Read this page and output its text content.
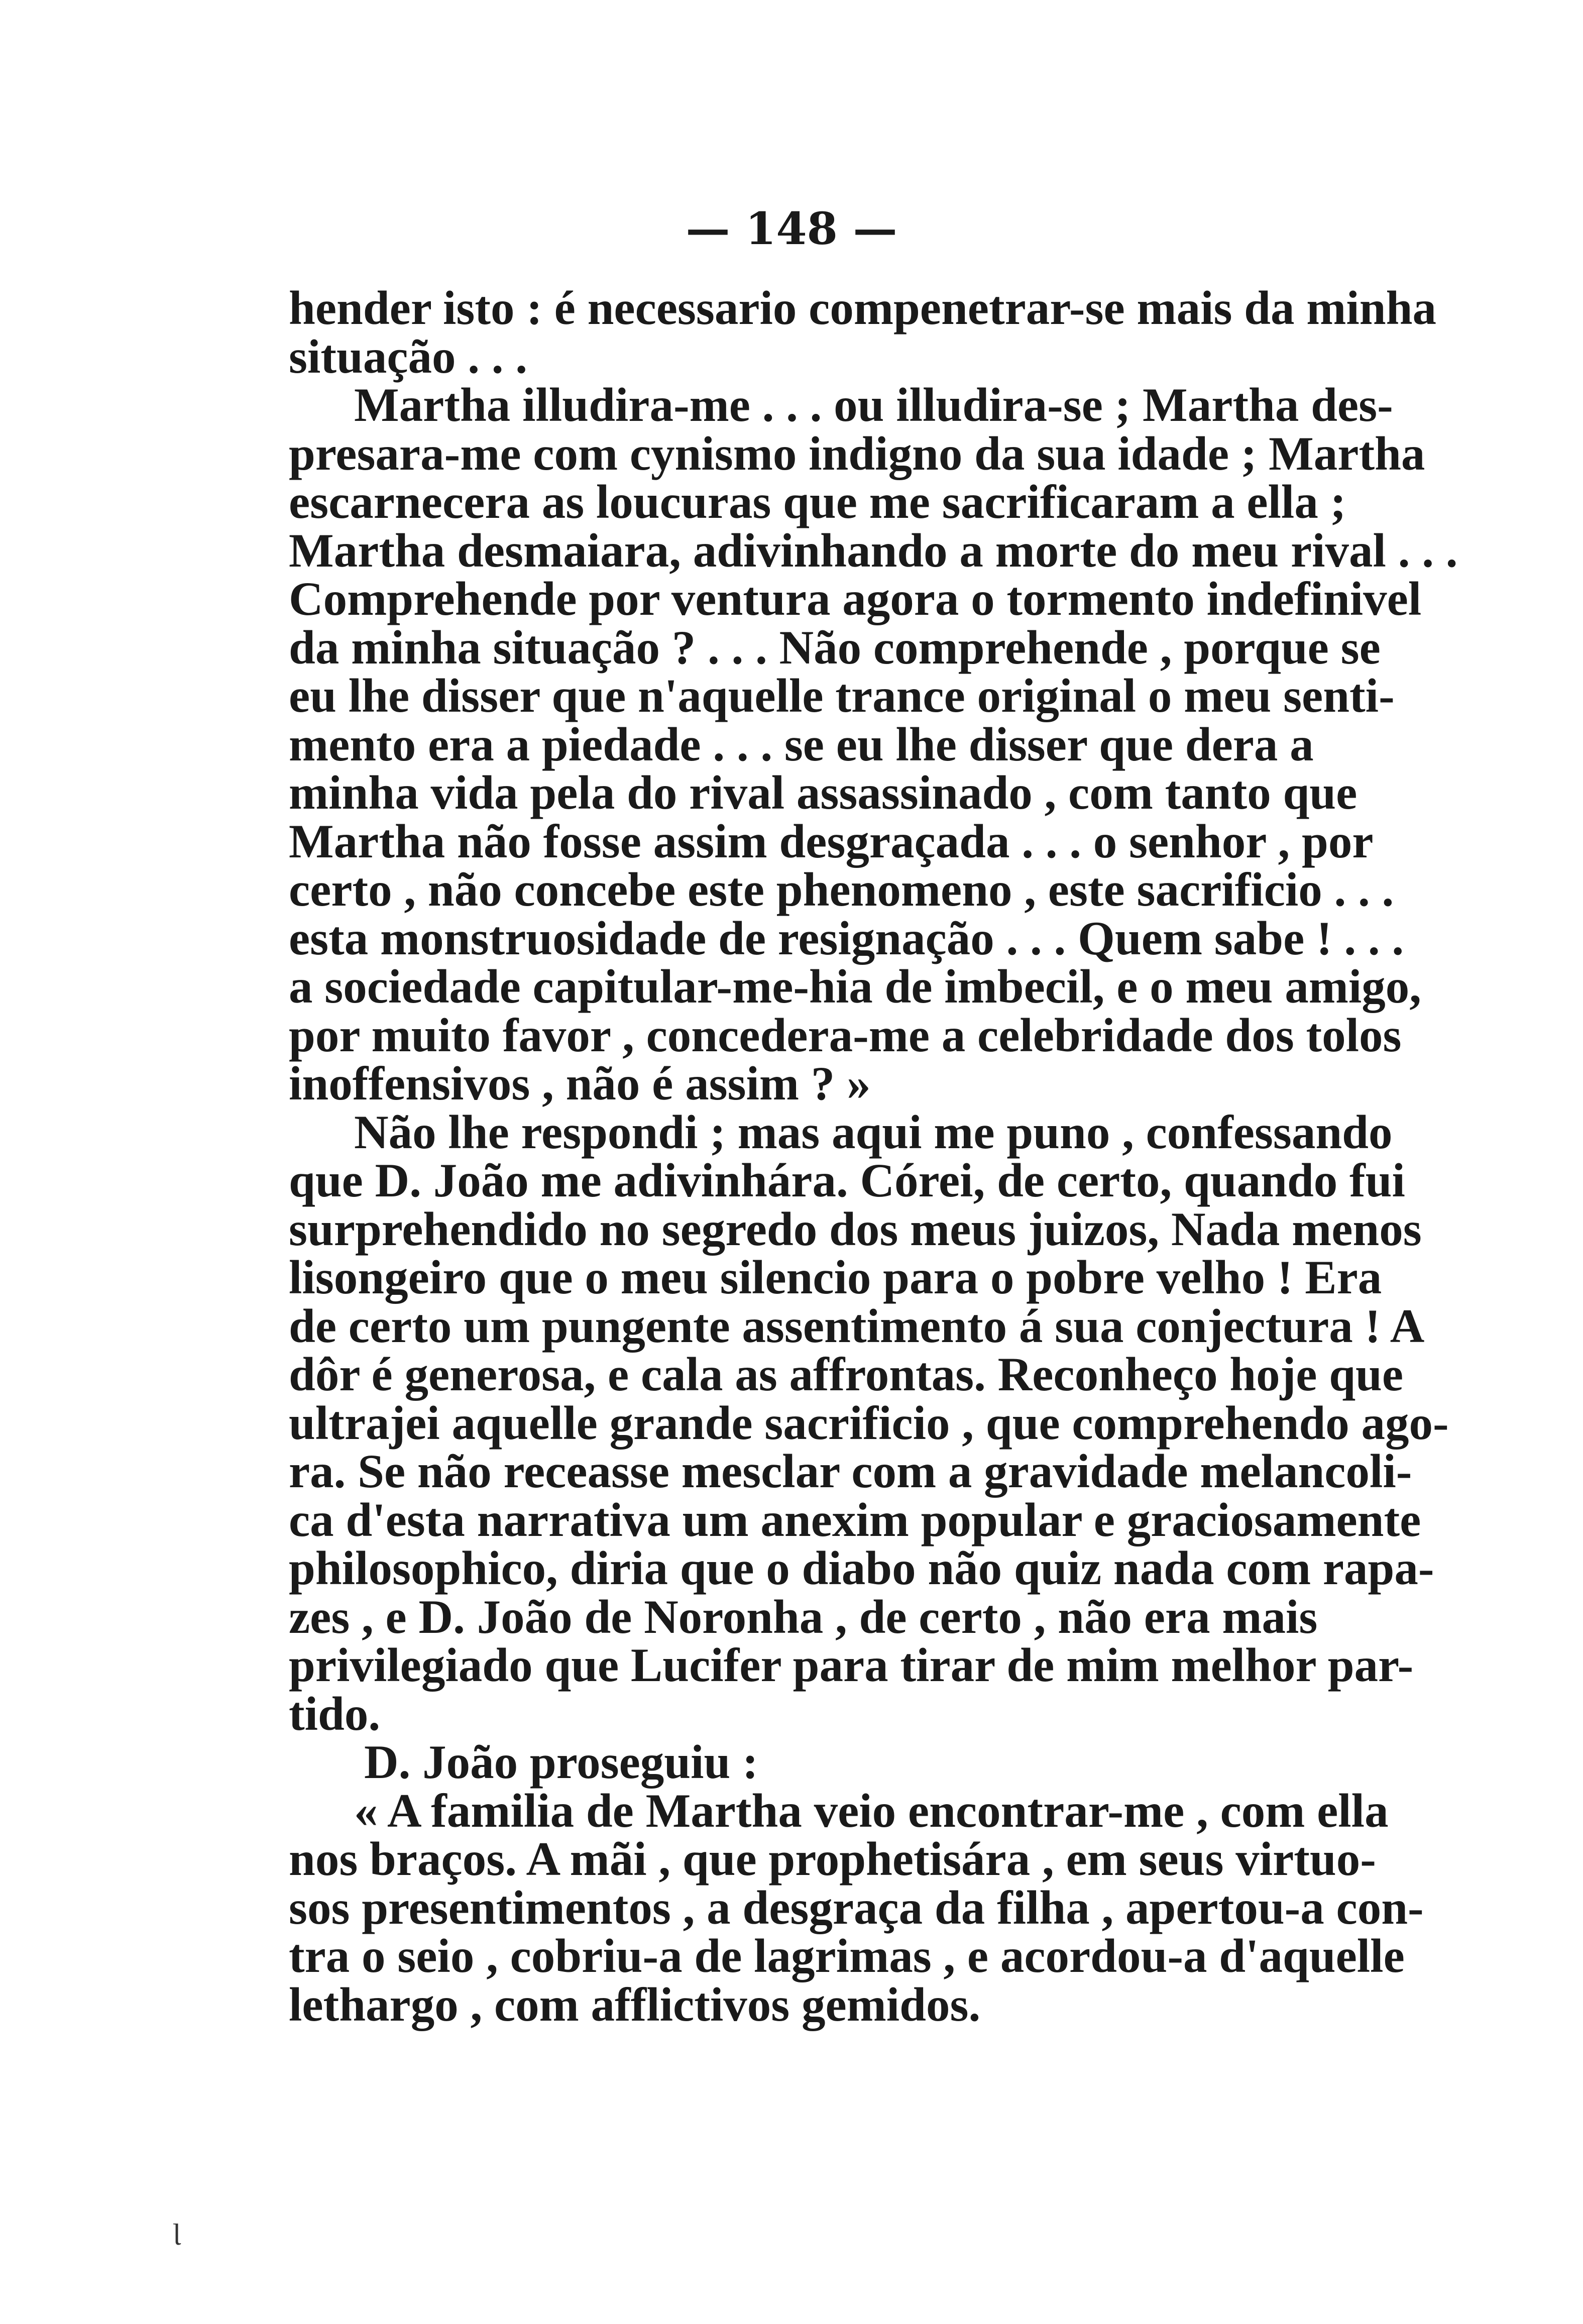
— 148 —
hender isto : é necessario compenetrar-se mais da minha
situação . . .
Martha illudira-me . . . ou illudira-se ; Martha des-
presara-me com cynismo indigno da sua idade ; Martha
escarnecera as loucuras que me sacrificaram a ella ;
Martha desmaiara, adivinhando a morte do meu rival . . .
Comprehende por ventura agora o tormento indefinivel
da minha situação ? . . . Não comprehende , porque se
eu lhe disser que n'aquelle trance original o meu senti-
mento era a piedade . . . se eu lhe disser que dera a
minha vida pela do rival assassinado , com tanto que
Martha não fosse assim desgraçada . . . o senhor , por
certo , não concebe este phenomeno , este sacrificio . . .
esta monstruosidade de resignação . . . Quem sabe ! . . .
a sociedade capitular-me-hia de imbecil, e o meu amigo,
por muito favor , concedera-me a celebridade dos tolos
inoffensivos , não é assim ? »
Não lhe respondi ; mas aqui me puno , confessando
que D. João me adivinhára. Córei, de certo, quando fui
surprehendido no segredo dos meus juizos, Nada menos
lisongeiro que o meu silencio para o pobre velho ! Era
de certo um pungente assentimento á sua conjectura ! A
dôr é generosa, e cala as affrontas. Reconheço hoje que
ultrajei aquelle grande sacrificio , que comprehendo ago-
ra. Se não receasse mesclar com a gravidade melancoli-
ca d'esta narrativa um anexim popular e graciosamente
philosophico, diria que o diabo não quiz nada com rapa-
zes , e D. João de Noronha , de certo , não era mais
privilegiado que Lucifer para tirar de mim melhor par-
tido.
D. João proseguiu :
« A familia de Martha veio encontrar-me , com ella
nos braços. A mãi , que prophetisára , em seus virtuo-
sos presentimentos , a desgraça da filha , apertou-a con-
tra o seio , cobriu-a de lagrimas , e acordou-a d'aquelle
lethargo , com afflictivos gemidos.
Ɩ
